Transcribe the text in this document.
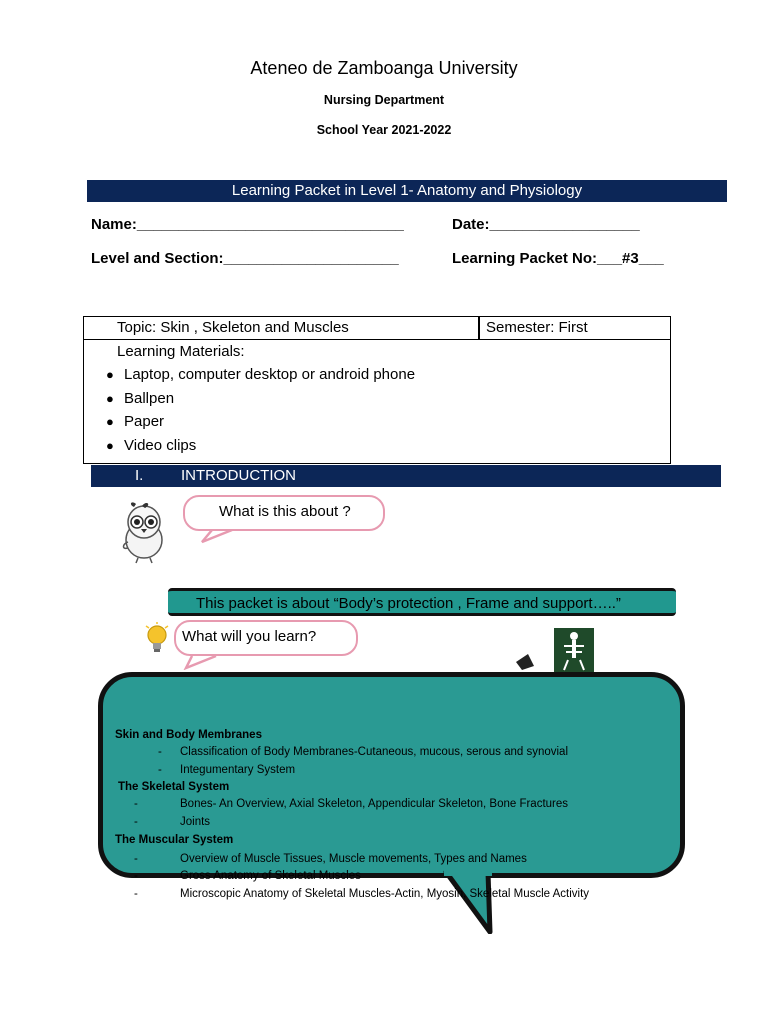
Ateneo de Zamboanga University
Nursing Department
School Year 2021-2022
Learning Packet in Level 1- Anatomy and Physiology
Name:________________________________	Date:__________________
Level and Section:_____________________	Learning Packet No:___#3___
Topic: Skin , Skeleton and Muscles	Semester: First
Learning Materials:
● Laptop, computer desktop or android phone
● Ballpen
● Paper
● Video clips
I.	INTRODUCTION
What is this about ?
This packet is about “Body’s protection , Frame and support…..”
What will you learn?
Skin and Body Membranes
- Classification of Body Membranes-Cutaneous, mucous, serous and synovial
- Integumentary System
The Skeletal System
-	Bones- An Overview, Axial Skeleton, Appendicular Skeleton, Bone Fractures
-	Joints
The Muscular System
-	Overview of Muscle Tissues, Muscle movements, Types and Names
-	Gross Anatomy of Skeletal Muscles
-	Microscopic Anatomy of Skeletal Muscles-Actin, Myosin, Skeletal Muscle Activity
